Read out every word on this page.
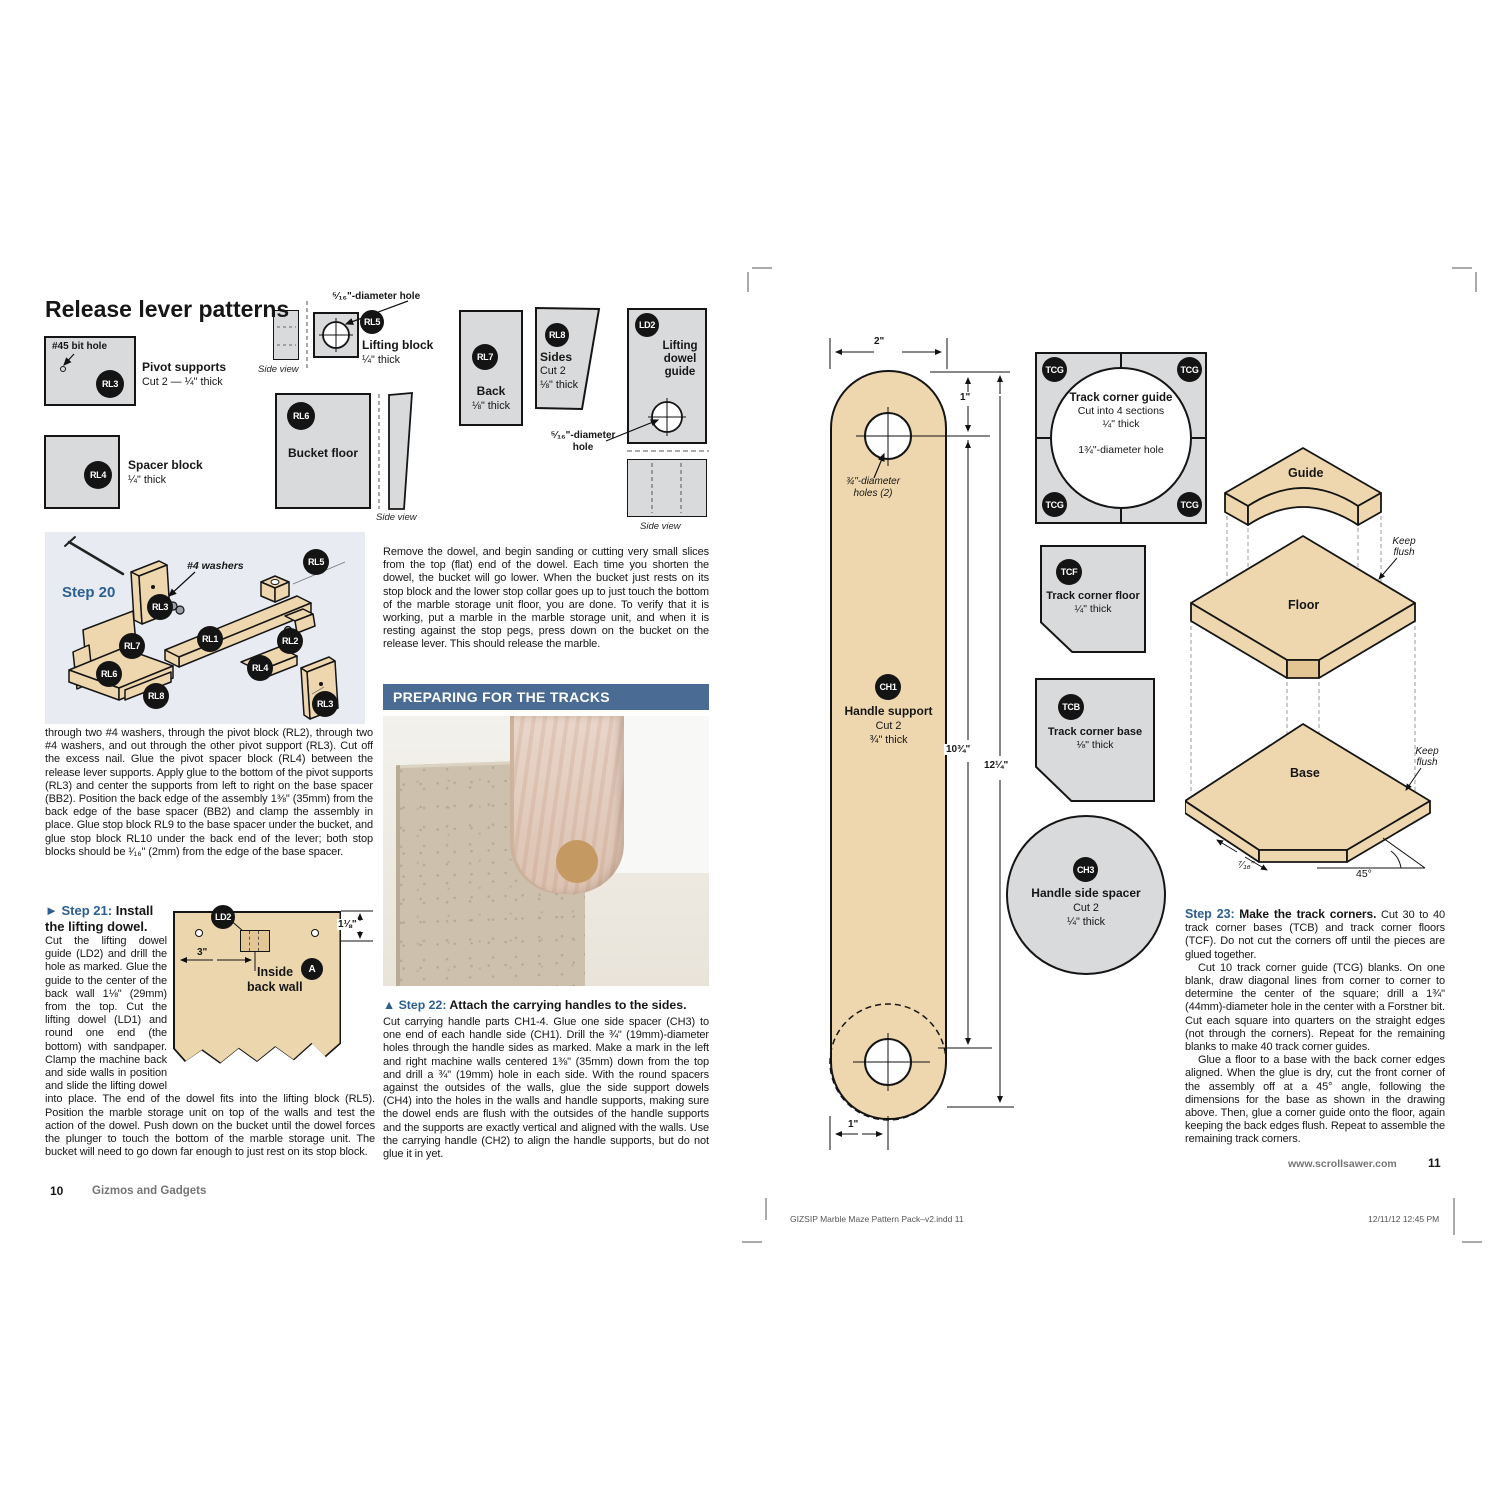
Release lever patterns
#45 bit hole
RL3
Pivot supports
Cut 2 — ¼" thick
RL4
Spacer block
¼" thick
Side view
⁵⁄₁₆"-diameter hole
RL5
Lifting block
¼" thick
RL6
Bucket floor
Side view
RL7
Back
⅛" thick
RL8
Sides
Cut 2
⅛" thick
LD2
Lifting dowel guide
⁵⁄₁₆"-diameter
hole
Side view
Step 20
#4 washers	RL5
RL3
RL1	RL2
RL7
RL6
RL4
RL8
RL3
through two #4 washers, through the pivot block (RL2), through two #4 washers, and out through the other pivot support (RL3). Cut off the excess nail. Glue the pivot spacer block (RL4) between the release lever supports. Apply glue to the bottom of the pivot supports (RL3) and center the supports from left to right on the base spacer (BB2). Position the back edge of the assembly 1⅜" (35mm) from the back edge of the base spacer (BB2) and clamp the assembly in place. Glue stop block RL9 to the base spacer under the bucket, and glue stop block RL10 under the back end of the lever; both stop blocks should be ¹⁄₁₆" (2mm) from the edge of the base spacer.
LD2
3"
1⅛"
Inside
back wall
A
► Step 21: Install the lifting dowel.
Cut the lifting dowel guide (LD2) and drill the hole as marked. Glue the guide to the center of the back wall 1⅛" (29mm) from the top. Cut the lifting dowel (LD1) and round one end (the bottom) with sandpaper. Clamp the machine back and side walls in position and slide the lifting dowel into place. The end of the dowel fits into the lifting block (RL5). Position the marble storage unit on top of the walls and test the action of the dowel. Push down on the bucket until the dowel forces the plunger to touch the bottom of the marble storage unit. The bucket will need to go down far enough to just rest on its stop block.
10 Gizmos and Gadgets
Remove the dowel, and begin sanding or cutting very small slices from the top (flat) end of the dowel. Each time you shorten the dowel, the bucket will go lower. When the bucket just rests on its stop block and the lower stop collar goes up to just touch the bottom of the marble storage unit floor, you are done. To verify that it is working, put a marble in the marble storage unit, and when it is resting against the stop pegs, press down on the bucket on the release lever. This should release the marble.
PREPARING FOR THE TRACKS
▲ Step 22: Attach the carrying handles to the sides.
Cut carrying handle parts CH1-4. Glue one side spacer (CH3) to one end of each handle side (CH1). Drill the ¾" (19mm)-diameter holes through the handle sides as marked. Make a mark in the left and right machine walls centered 1⅜" (35mm) down from the top and drill a ¾" (19mm) hole in each side. With the round spacers against the outsides of the walls, glue the side support dowels (CH4) into the holes in the walls and handle supports, making sure the dowel ends are flush with the outsides of the handle supports and the supports are exactly vertical and aligned with the walls. Use the carrying handle (CH2) to align the handle supports, but do not glue it in yet.
¾"-diameter
holes (2)
CH1
Handle support
Cut 2
¾" thick
2"
1"
10¾"
12¼"
1"
TCG	TCG
TCG	TCG
Track corner guide
Cut into 4 sections
¼" thick
1¾"-diameter hole
TCF
Track corner floor
¼" thick
TCB
Track corner base
⅛" thick
CH3
Handle side spacer
Cut 2
¼" thick
Guide
Floor
Base
Keep flush
Keep flush
⁷⁄₁₆"
45°
Step 23: Make the track corners. Cut 30 to 40 track corner bases (TCB) and track corner floors (TCF). Do not cut the corners off until the pieces are glued together.
Cut 10 track corner guide (TCG) blanks. On one blank, draw diagonal lines from corner to corner to determine the center of the square; drill a 1¾" (44mm)-diameter hole in the center with a Forstner bit. Cut each square into quarters on the straight edges (not through the corners). Repeat for the remaining blanks to make 40 track corner guides.
Glue a floor to a base with the back corner edges aligned. When the glue is dry, cut the front corner of the assembly off at a 45° angle, following the dimensions for the base as shown in the drawing above. Then, glue a corner guide onto the floor, again keeping the back edges flush. Repeat to assemble the remaining track corners.
www.scrollsawer.com	11
GIZSIP Marble Maze Pattern Pack–v2.indd 11	12/11/12 12:45 PM
